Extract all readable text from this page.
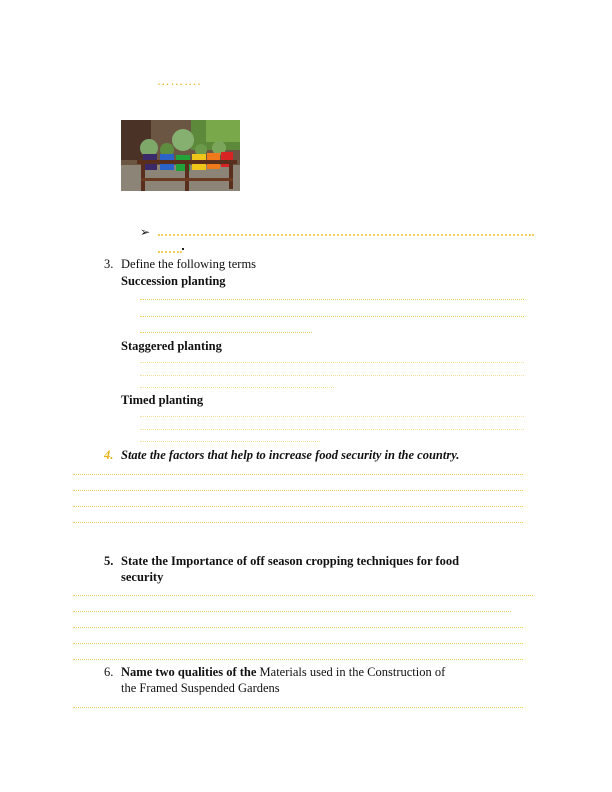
……….
➢
3. Define the following terms
Succession planting
Staggered planting
Timed planting
4. State the factors that help to increase food security in the country.
5. State the Importance of off season cropping techniques for food
security
6. Name two qualities of the Materials used in the Construction of
the Framed Suspended Gardens
